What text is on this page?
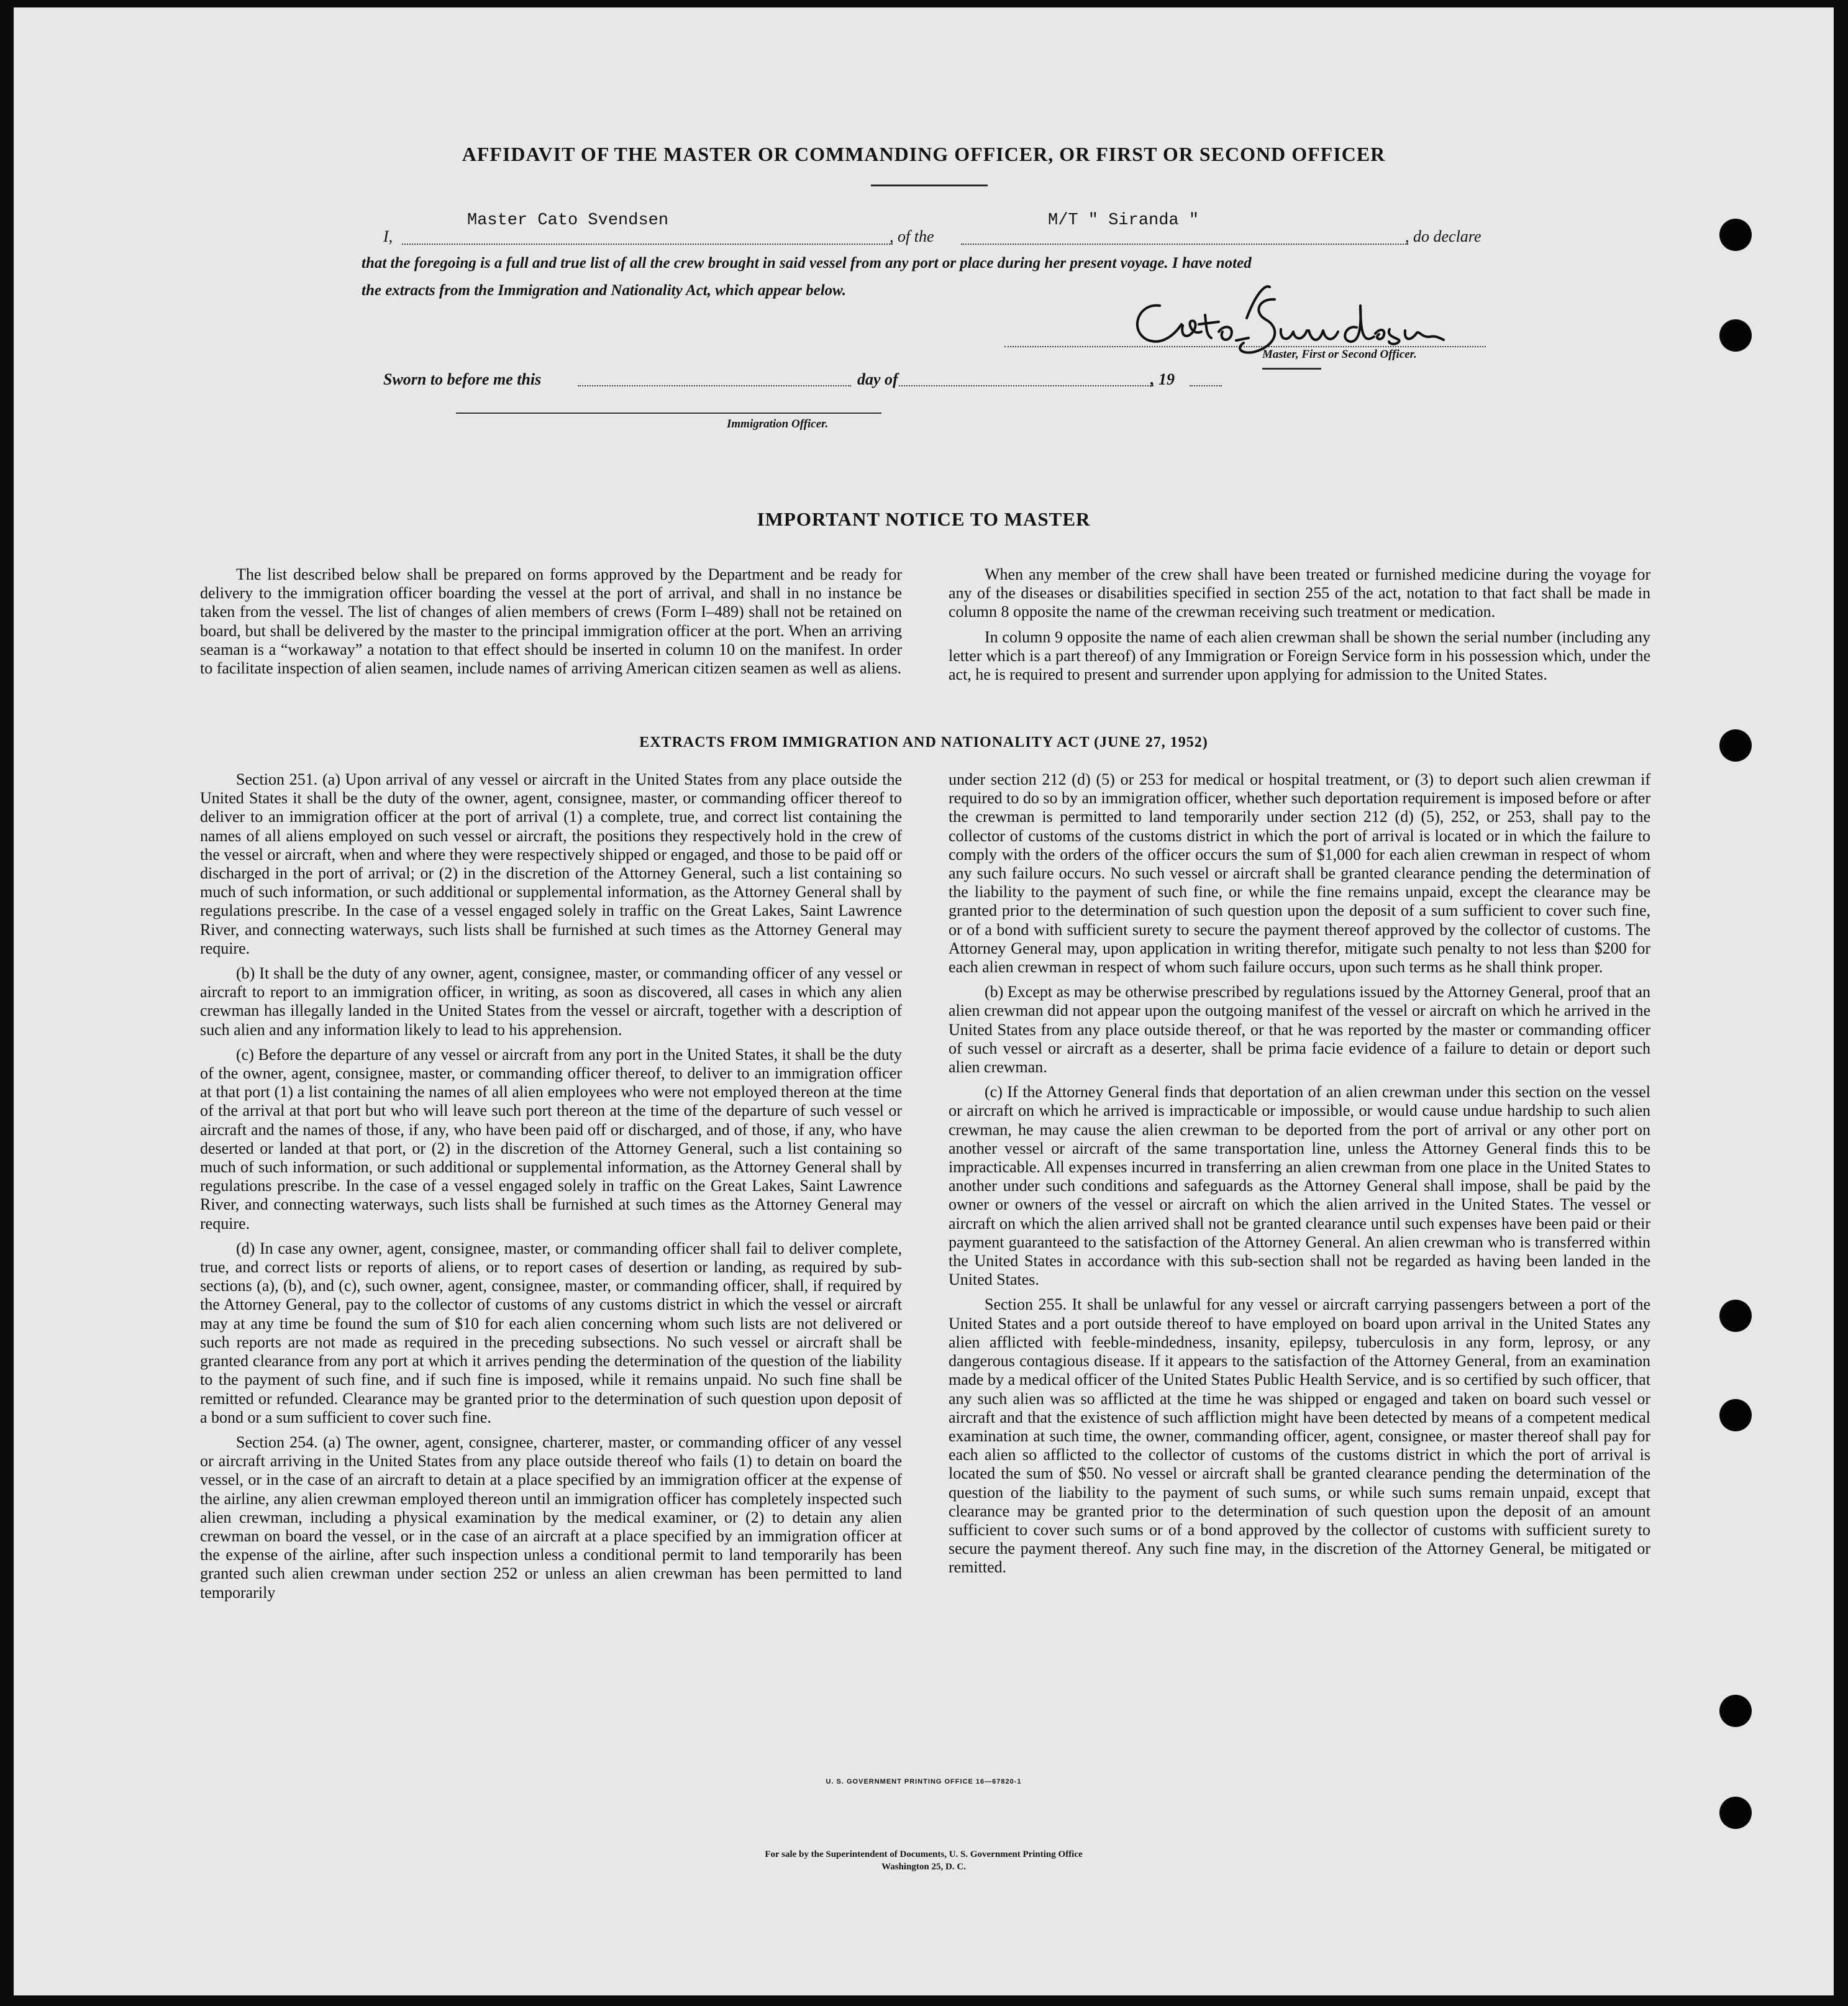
AFFIDAVIT OF THE MASTER OR COMMANDING OFFICER, OR FIRST OR SECOND OFFICER
I,
Master Cato Svendsen
, of the
M/T " Siranda "
, do declare
that the foregoing is a full and true list of all the crew brought in said vessel from any port or place during her present voyage. I have noted
the extracts from the Immigration and Nationality Act, which appear below.
Master, First or Second Officer.
Sworn to before me this	day of	, 19
Immigration Officer.
IMPORTANT NOTICE TO MASTER

The list described below shall be prepared on forms approved by the Department and be ready for delivery to the immigration officer boarding the vessel at the port of arrival, and shall in no instance be taken from the vessel. The list of changes of alien members of crews (Form I–489) shall not be retained on board, but shall be delivered by the master to the principal immigration officer at the port. When an arriving seaman is a “workaway” a notation to that effect should be inserted in column 10 on the manifest. In order to facilitate inspection of alien seamen, include names of arriving American citizen seamen as well as aliens.

When any member of the crew shall have been treated or furnished medicine during the voyage for any of the diseases or disabilities specified in section 255 of the act, notation to that fact shall be made in column 8 opposite the name of the crewman receiving such treatment or medication.

In column 9 opposite the name of each alien crewman shall be shown the serial number (including any letter which is a part thereof) of any Immigration or Foreign Service form in his possession which, under the act, he is required to present and surrender upon applying for admission to the United States.

EXTRACTS FROM IMMIGRATION AND NATIONALITY ACT (JUNE 27, 1952)

Section 251. (a) Upon arrival of any vessel or aircraft in the United States from any place outside the United States it shall be the duty of the owner, agent, consignee, master, or commanding officer thereof to deliver to an immigration officer at the port of arrival (1) a complete, true, and correct list containing the names of all aliens employed on such vessel or aircraft, the positions they respectively hold in the crew of the vessel or aircraft, when and where they were respectively shipped or engaged, and those to be paid off or discharged in the port of arrival; or (2) in the discretion of the Attorney General, such a list containing so much of such information, or such additional or supplemental information, as the Attorney General shall by regulations prescribe. In the case of a vessel engaged solely in traffic on the Great Lakes, Saint Lawrence River, and connecting waterways, such lists shall be furnished at such times as the Attorney General may require.

(b) It shall be the duty of any owner, agent, consignee, master, or commanding officer of any vessel or aircraft to report to an immigration officer, in writing, as soon as discovered, all cases in which any alien crewman has illegally landed in the United States from the vessel or aircraft, together with a description of such alien and any information likely to lead to his apprehension.

(c) Before the departure of any vessel or aircraft from any port in the United States, it shall be the duty of the owner, agent, consignee, master, or commanding officer thereof, to deliver to an immigration officer at that port (1) a list containing the names of all alien employees who were not employed thereon at the time of the arrival at that port but who will leave such port thereon at the time of the departure of such vessel or aircraft and the names of those, if any, who have been paid off or discharged, and of those, if any, who have deserted or landed at that port, or (2) in the discretion of the Attorney General, such a list containing so much of such information, or such additional or supplemental information, as the Attorney General shall by regulations prescribe. In the case of a vessel engaged solely in traffic on the Great Lakes, Saint Lawrence River, and connecting waterways, such lists shall be furnished at such times as the Attorney General may require.

(d) In case any owner, agent, consignee, master, or commanding officer shall fail to deliver complete, true, and correct lists or reports of aliens, or to report cases of desertion or landing, as required by sub-sections (a), (b), and (c), such owner, agent, consignee, master, or commanding officer, shall, if required by the Attorney General, pay to the collector of customs of any customs district in which the vessel or aircraft may at any time be found the sum of $10 for each alien concerning whom such lists are not delivered or such reports are not made as required in the preceding subsections. No such vessel or aircraft shall be granted clearance from any port at which it arrives pending the determination of the question of the liability to the payment of such fine, and if such fine is imposed, while it remains unpaid. No such fine shall be remitted or refunded. Clearance may be granted prior to the determination of such question upon deposit of a bond or a sum sufficient to cover such fine.

Section 254. (a) The owner, agent, consignee, charterer, master, or commanding officer of any vessel or aircraft arriving in the United States from any place outside thereof who fails (1) to detain on board the vessel, or in the case of an aircraft to detain at a place specified by an immigration officer at the expense of the airline, any alien crewman employed thereon until an immigration officer has completely inspected such alien crewman, including a physical examination by the medical examiner, or (2) to detain any alien crewman on board the vessel, or in the case of an aircraft at a place specified by an immigration officer at the expense of the airline, after such inspection unless a conditional permit to land temporarily has been granted such alien crewman under section 252 or unless an alien crewman has been permitted to land temporarily

under section 212 (d) (5) or 253 for medical or hospital treatment, or (3) to deport such alien crewman if required to do so by an immigration officer, whether such deportation requirement is imposed before or after the crewman is permitted to land temporarily under section 212 (d) (5), 252, or 253, shall pay to the collector of customs of the customs district in which the port of arrival is located or in which the failure to comply with the orders of the officer occurs the sum of $1,000 for each alien crewman in respect of whom any such failure occurs. No such vessel or aircraft shall be granted clearance pending the determination of the liability to the payment of such fine, or while the fine remains unpaid, except the clearance may be granted prior to the determination of such question upon the deposit of a sum sufficient to cover such fine, or of a bond with sufficient surety to secure the payment thereof approved by the collector of customs. The Attorney General may, upon application in writing therefor, mitigate such penalty to not less than $200 for each alien crewman in respect of whom such failure occurs, upon such terms as he shall think proper.

(b) Except as may be otherwise prescribed by regulations issued by the Attorney General, proof that an alien crewman did not appear upon the outgoing manifest of the vessel or aircraft on which he arrived in the United States from any place outside thereof, or that he was reported by the master or commanding officer of such vessel or aircraft as a deserter, shall be prima facie evidence of a failure to detain or deport such alien crewman.

(c) If the Attorney General finds that deportation of an alien crewman under this section on the vessel or aircraft on which he arrived is impracticable or impossible, or would cause undue hardship to such alien crewman, he may cause the alien crewman to be deported from the port of arrival or any other port on another vessel or aircraft of the same transportation line, unless the Attorney General finds this to be impracticable. All expenses incurred in transferring an alien crewman from one place in the United States to another under such conditions and safeguards as the Attorney General shall impose, shall be paid by the owner or owners of the vessel or aircraft on which the alien arrived in the United States. The vessel or aircraft on which the alien arrived shall not be granted clearance until such expenses have been paid or their payment guaranteed to the satisfaction of the Attorney General. An alien crewman who is transferred within the United States in accordance with this sub-section shall not be regarded as having been landed in the United States.

Section 255. It shall be unlawful for any vessel or aircraft carrying passengers between a port of the United States and a port outside thereof to have employed on board upon arrival in the United States any alien afflicted with feeble-mindedness, insanity, epilepsy, tuberculosis in any form, leprosy, or any dangerous contagious disease. If it appears to the satisfaction of the Attorney General, from an examination made by a medical officer of the United States Public Health Service, and is so certified by such officer, that any such alien was so afflicted at the time he was shipped or engaged and taken on board such vessel or aircraft and that the existence of such affliction might have been detected by means of a competent medical examination at such time, the owner, commanding officer, agent, consignee, or master thereof shall pay for each alien so afflicted to the collector of customs of the customs district in which the port of arrival is located the sum of $50. No vessel or aircraft shall be granted clearance pending the determination of the question of the liability to the payment of such sums, or while such sums remain unpaid, except that clearance may be granted prior to the determination of such question upon the deposit of an amount sufficient to cover such sums or of a bond approved by the collector of customs with sufficient surety to secure the payment thereof. Any such fine may, in the discretion of the Attorney General, be mitigated or remitted.

U. S. GOVERNMENT PRINTING OFFICE 16—67820-1
For sale by the Superintendent of Documents, U. S. Government Printing Office
Washington 25, D. C.
